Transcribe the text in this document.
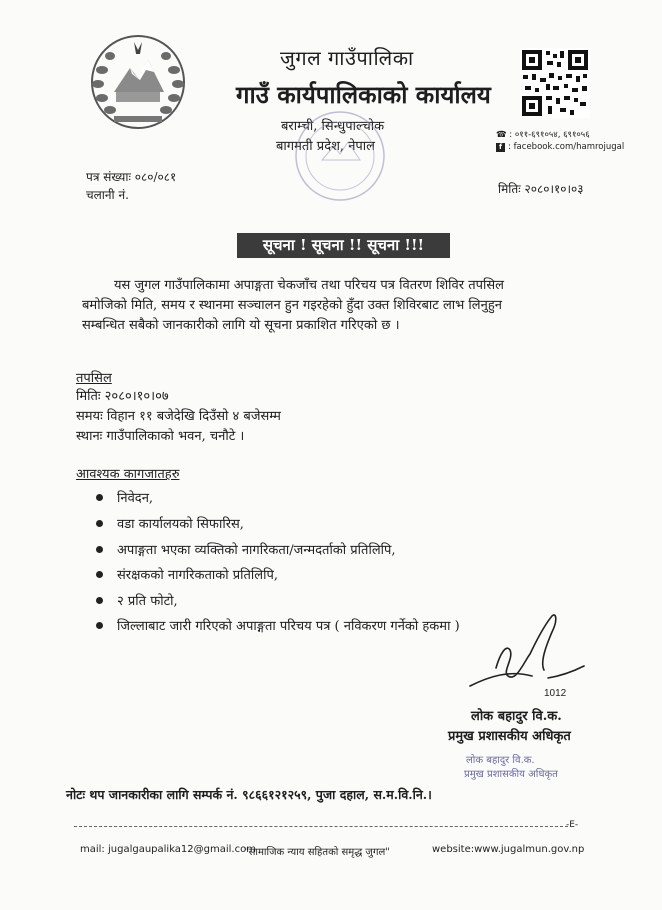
जुगल गाउँपालिका
गाउँ कार्यपालिकाको कार्यालय
बराम्ची, सिन्धुपाल्चोक
बागमती प्रदेश, नेपाल
☎ : ०११-६९१०५४, ६९१०५६
f : facebook.com/hamrojugal
पत्र संख्याः ०८०/०८१
चलानी नं.	मितिः २०८०।१०।०३
सूचना ! सूचना !! सूचना !!!
यस जुगल गाउँपालिकामा अपाङ्गता चेकजाँच तथा परिचय पत्र वितरण शिविर तपसिल
बमोजिको मिति, समय र स्थानमा सञ्चालन हुन गइरहेको हुँदा उक्त शिविरबाट लाभ लिनुहुन
सम्बन्धित सबैको जानकारीको लागि यो सूचना प्रकाशित गरिएको छ ।
तपसिल
मितिः २०८०।१०।०७
समयः विहान ११ बजेदेखि दिउँसो ४ बजेसम्म
स्थानः गाउँपालिकाको भवन, चनौटे ।
आवश्यक कागजातहरु
निवेदन,
वडा कार्यालयको सिफारिस,
अपाङ्गता भएका व्यक्तिको नागरिकता/जन्मदर्ताको प्रतिलिपि,
संरक्षकको नागरिकताको प्रतिलिपि,
२ प्रति फोटो,
जिल्लाबाट जारी गरिएको अपाङ्गता परिचय पत्र ( नविकरण गर्नेको हकमा )
1012
लोक बहादुर वि.क.
प्रमुख प्रशासकीय अधिकृत
लोक बहादुर वि.क.
प्रमुख प्रशासकीय अधिकृत
नोटः थप जानकारीका लागि सम्पर्क नं. ९८६६१२१२५९, पुजा दहाल, स.म.वि.नि.।
-E-
mail: jugalgaupalika12@gmail.com
"सामाजिक न्याय सहितको समृद्ध जुगल"	website:www.jugalmun.gov.np
